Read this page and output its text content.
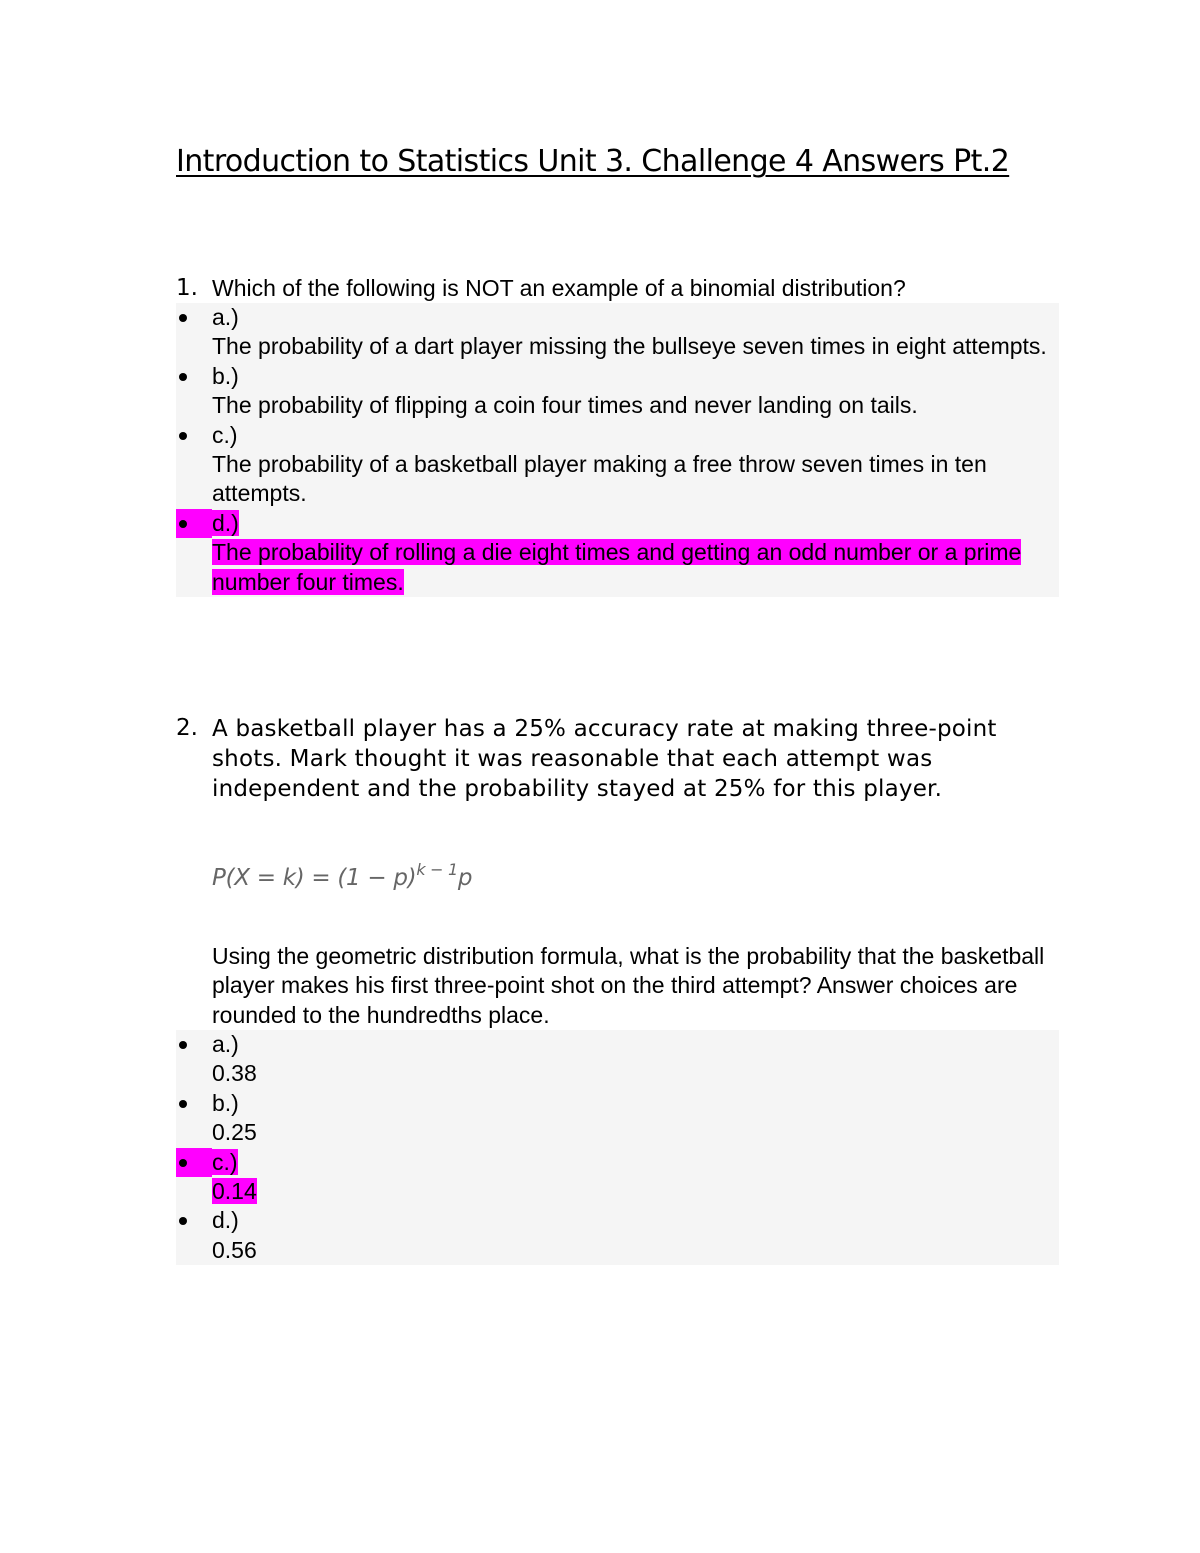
Introduction to Statistics Unit 3. Challenge 4 Answers Pt.2
1. Which of the following is NOT an example of a binomial distribution?

a.)
The probability of a dart player missing the bullseye seven times in eight attempts.

b.)
The probability of flipping a coin four times and never landing on tails.

c.)
The probability of a basketball player making a free throw seven times in ten attempts.

d.)
The probability of rolling a die eight times and getting an odd number or a prime number four times.
2. A basketball player has a 25% accuracy rate at making three-point shots. Mark thought it was reasonable that each attempt was independent and the probability stayed at 25% for this player.
$P(X = k) = (1 - p)^{k - 1}p$
Using the geometric distribution formula, what is the probability that the basketball player makes his first three-point shot on the third attempt? Answer choices are rounded to the hundredths place.

a.)
0.38

b.)
0.25

c.)
0.14

d.)
0.56
